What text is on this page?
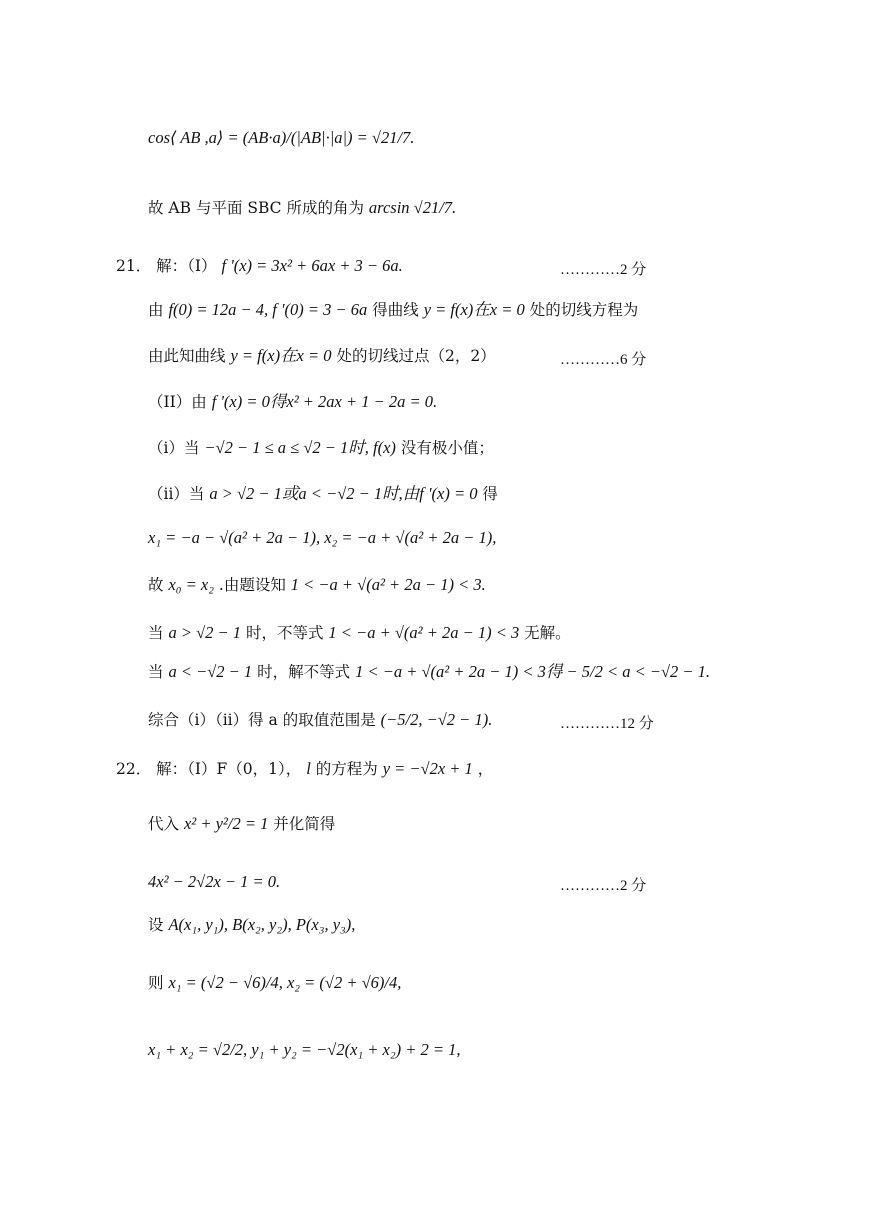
cos⟨ AB ,a⟩ = (AB·a)/(|AB|·|a|) = √21/7.
故 AB 与平面 SBC 所成的角为 arcsin √21/7.
21． 解：（I） f '(x) = 3x² + 6ax + 3 − 6a.	…………2 分
由 f(0) = 12a − 4, f '(0) = 3 − 6a 得曲线 y = f(x)在x = 0 处的切线方程为
由此知曲线 y = f(x)在x = 0 处的切线过点（2，2）	…………6 分
（II）由 f '(x) = 0得x² + 2ax + 1 − 2a = 0.
（i）当 −√2 − 1 ≤ a ≤ √2 − 1时, f(x) 没有极小值；
（ii）当 a > √2 − 1或a < −√2 − 1时,由f '(x) = 0 得
x₁ = −a − √(a² + 2a − 1), x₂ = −a + √(a² + 2a − 1),
故 x₀ = x₂ .由题设知 1 < −a + √(a² + 2a − 1) < 3.
当 a > √2 − 1 时，不等式 1 < −a + √(a² + 2a − 1) < 3 无解。
当 a < −√2 − 1 时，解不等式 1 < −a + √(a² + 2a − 1) < 3得 − 5/2 < a < −√2 − 1.
综合（i）（ii）得 a 的取值范围是 (−5/2, −√2 − 1).	…………12 分
22． 解：（I）F（0，1）， l 的方程为 y = −√2x + 1 ，
代入 x² + y²/2 = 1 并化简得
4x² − 2√2x − 1 = 0.	…………2 分
设 A(x₁, y₁), B(x₂, y₂), P(x₃, y₃),
则 x₁ = (√2 − √6)/4, x₂ = (√2 + √6)/4,
x₁ + x₂ = √2/2, y₁ + y₂ = −√2(x₁ + x₂) + 2 = 1,
